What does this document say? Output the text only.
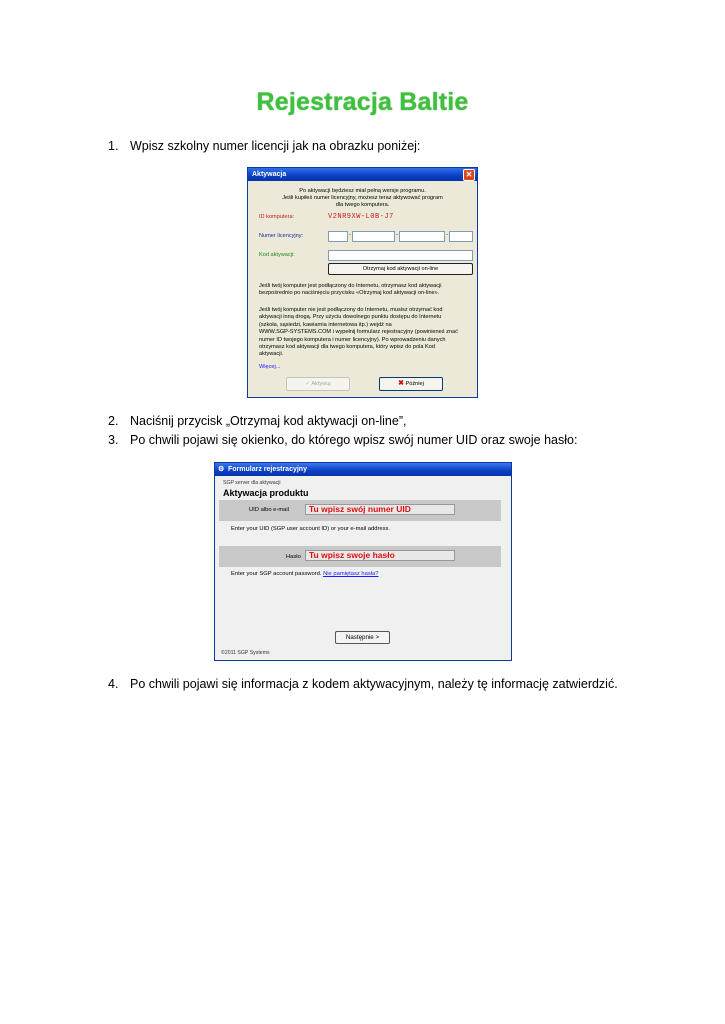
Rejestracja Baltie
1. Wpisz szkolny numer licencji jak na obrazku poniżej:
Aktywacja	✕
Po aktywacji będziesz miał pełną wersje programu.
Jeśli kupiłeś numer licencyjny, możesz teraz aktywować program
dla twego komputera.
ID komputera:	V2NR9XW-L0B-J7
Numer licencyjny:	-	-	-
Kod aktywacji:
Otrzymaj kod aktywacji on-line
Jeśli twój komputer jest podłączony do Internetu, otrzymasz kod aktywacji
bezpośrednio po naciśnięciu przycisku «Otrzymaj kod aktywacji on-line».
Jeśli twój komputer nie jest podłączony do Internetu, musisz otrzymać kod
aktywacji inną drogą. Przy użyciu dowolnego punktu dostępu do Internetu
(szkoła, sąsiedzi, kawiarnia internetowa itp.) wejdź na
WWW.SGP-SYSTEMS.COM i wypełnij formularz rejestracyjny (powinieneś znać
numer ID twojego komputera i numer licencyjny). Po wprowadzeniu danych
otrzymasz kod aktywacji dla twego komputera, który wpisz do pola Kod
aktywacji.
Więcej...
✓ Aktywuj	✖ Później
2. Naciśnij przycisk „Otrzymaj kod aktywacji on-line”,
3. Po chwili pojawi się okienko, do którego wpisz swój numer UID oraz swoje hasło:
⚙ Formularz rejestracyjny
SGP server dla aktywacji
Aktywacja produktu
UID albo e-mail	Tu wpisz swój numer UID
Enter your UID (SGP user account ID) or your e-mail address.
Hasło Tu wpisz swoje hasło
Enter your SGP account password. Nie pamiętasz hasła?
Następnie >
©2011 SGP Systems
4. Po chwili pojawi się informacja z kodem aktywacyjnym, należy tę informację zatwierdzić.
